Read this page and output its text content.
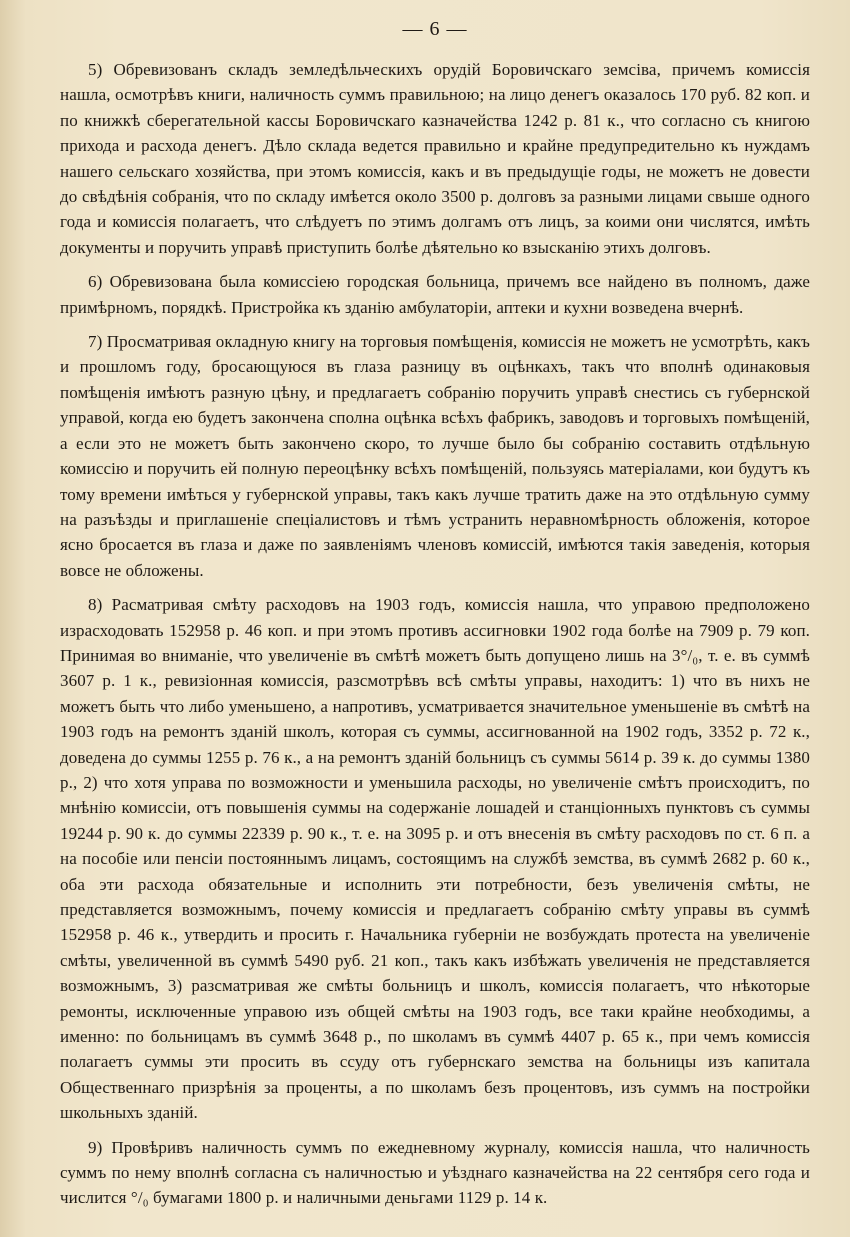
— 6 —

5) Обревизованъ складъ земледѣльческихъ орудій Боровичскаго земсіва, причемъ комиссія нашла, осмотрѣвъ книги, наличность суммъ правильною; на лицо денегъ оказалось 170 руб. 82 коп. и по книжкѣ сберегательной кассы Боровичскаго казначейства 1242 р. 81 к., что согласно съ книгою прихода и расхода денегъ. Дѣло склада ведется правильно и крайне предупредительно къ нуждамъ нашего сельскаго хозяйства, при этомъ комиссія, какъ и въ предыдущіе годы, не можетъ не довести до свѣдѣнія собранія, что по складу имѣется около 3500 р. долговъ за разными лицами свыше одного года и комиссія полагаетъ, что слѣдуетъ по этимъ долгамъ отъ лицъ, за коими они числятся, имѣть документы и поручить управѣ приступить болѣе дѣятельно ко взысканію этихъ долговъ.

6) Обревизована была комиссіею городская больница, причемъ все найдено въ полномъ, даже примѣрномъ, порядкѣ. Пристройка къ зданію амбулаторіи, аптеки и кухни возведена вчернѣ.

7) Просматривая окладную книгу на торговыя помѣщенія, комиссія не можетъ не усмотрѣть, какъ и прошломъ году, бросающуюся въ глаза разницу въ оцѣнкахъ, такъ что вполнѣ одинаковыя помѣщенія имѣютъ разную цѣну, и предлагаетъ собранію поручить управѣ снестись съ губернской управой, когда ею будетъ закончена сполна оцѣнка всѣхъ фабрикъ, заводовъ и торговыхъ помѣщеній, а если это не можетъ быть закончено скоро, то лучше было бы собранію составить отдѣльную комиссію и поручить ей полную переоцѣнку всѣхъ помѣщеній, пользуясь матеріалами, кои будутъ къ тому времени имѣться у губернской управы, такъ какъ лучше тратить даже на это отдѣльную сумму на разъѣзды и приглашеніе спеціалистовъ и тѣмъ устранить неравномѣрность обложенія, которое ясно бросается въ глаза и даже по заявленіямъ членовъ комиссій, имѣются такія заведенія, которыя вовсе не обложены.

8) Расматривая смѣту расходовъ на 1903 годъ, комиссія нашла, что управою предположено израсходовать 152958 р. 46 коп. и при этомъ противъ ассигновки 1902 года болѣе на 7909 р. 79 коп. Принимая во вниманіе, что увеличеніе въ смѣтѣ можетъ быть допущено лишь на 3°/₀, т. е. въ суммѣ 3607 р. 1 к., ревизіонная комиссія, разсмотрѣвъ всѣ смѣты управы, находитъ: 1) что въ нихъ не можетъ быть что либо уменьшено, а напротивъ, усматривается значительное уменьшеніе въ смѣтѣ на 1903 годъ на ремонтъ зданій школъ, которая съ суммы, ассигнованной на 1902 годъ, 3352 р. 72 к., доведена до суммы 1255 р. 76 к., а на ремонтъ зданій больницъ съ суммы 5614 р. 39 к. до суммы 1380 р., 2) что хотя управа по возможности и уменьшила расходы, но увеличеніе смѣтъ происходитъ, по мнѣнію комиссіи, отъ повышенія суммы на содержаніе лошадей и станціонныхъ пунктовъ съ суммы 19244 р. 90 к. до суммы 22339 р. 90 к., т. е. на 3095 р. и отъ внесенія въ смѣту расходовъ по ст. 6 п. а на пособіе или пенсіи постояннымъ лицамъ, состоящимъ на службѣ земства, въ суммѣ 2682 р. 60 к., оба эти расхода обязательные и исполнить эти потребности, безъ увеличенія смѣты, не представляется возможнымъ, почему комиссія и предлагаетъ собранію смѣту управы въ суммѣ 152958 р. 46 к., утвердить и просить г. Начальника губерніи не возбуждать протеста на увеличеніе смѣты, увеличенной въ суммѣ 5490 руб. 21 коп., такъ какъ избѣжать увеличенія не представляется возможнымъ, 3) разсматривая же смѣты больницъ и школъ, комиссія полагаетъ, что нѣкоторые ремонты, исключенные управою изъ общей смѣты на 1903 годъ, все таки крайне необходимы, а именно: по больницамъ въ суммѣ 3648 р., по школамъ въ суммѣ 4407 р. 65 к., при чемъ комиссія полагаетъ суммы эти просить въ ссуду отъ губернскаго земства на больницы изъ капитала Общественнаго призрѣнія за проценты, а по школамъ безъ процентовъ, изъ суммъ на постройки школьныхъ зданій.

9) Провѣривъ наличность суммъ по ежедневному журналу, комиссія нашла, что наличность суммъ по нему вполнѣ согласна съ наличностью и уѣзднаго казначейства на 22 сентября сего года и числится °/₀ бумагами 1800 р. и наличными деньгами 1129 р. 14 к.
